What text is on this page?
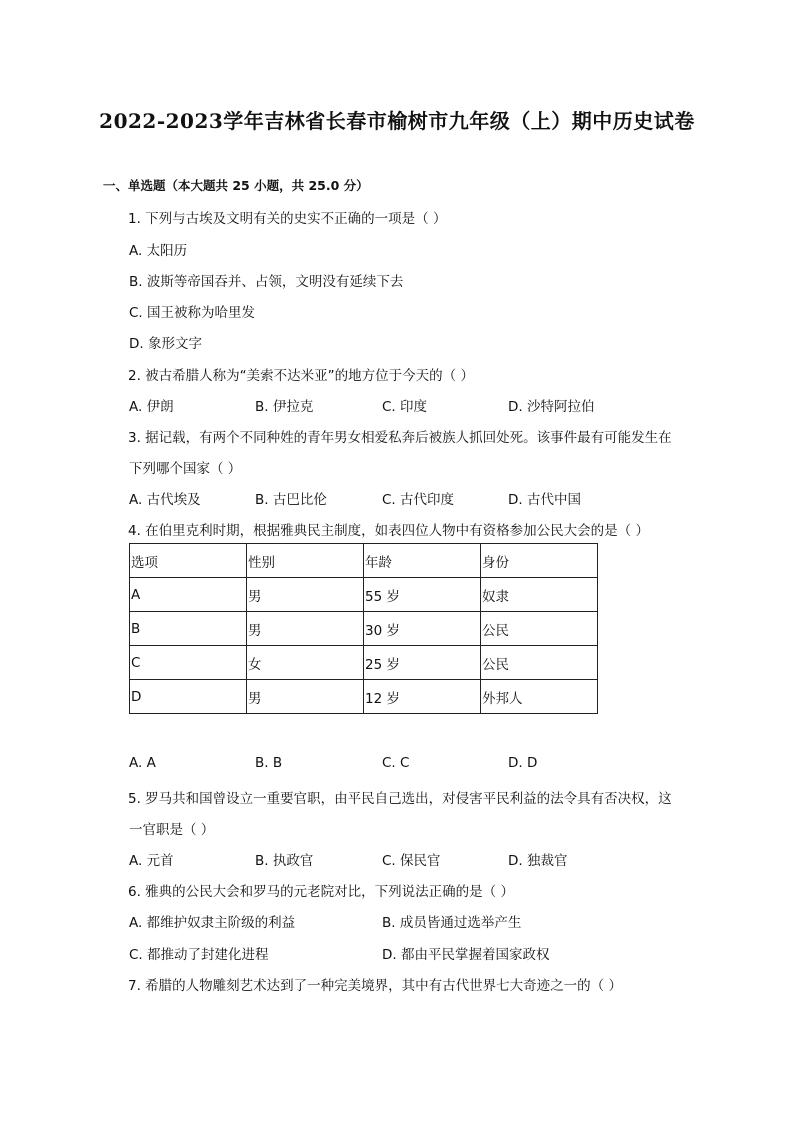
2022-2023学年吉林省长春市榆树市九年级（上）期中历史试卷
一、单选题（本大题共 25 小题，共 25.0 分）
1. 下列与古埃及文明有关的史实不正确的一项是（ ）
A. 太阳历
B. 波斯等帝国吞并、占领，文明没有延续下去
C. 国王被称为哈里发
D. 象形文字
2. 被古希腊人称为“美索不达米亚”的地方位于今天的（ ）
A. 伊朗	B. 伊拉克	C. 印度	D. 沙特阿拉伯
3. 据记载，有两个不同种姓的青年男女相爱私奔后被族人抓回处死。该事件最有可能发生在
下列哪个国家（ ）
A. 古代埃及	B. 古巴比伦	C. 古代印度	D. 古代中国
4. 在伯里克利时期，根据雅典民主制度，如表四位人物中有资格参加公民大会的是（ ）
选项	性别	年龄	身份
A	男	55 岁	奴隶
B	男	30 岁	公民
C	女	25 岁	公民
D	男	12 岁	外邦人
A. A	B. B	C. C	D. D
5. 罗马共和国曾设立一重要官职，由平民自己选出，对侵害平民利益的法令具有否决权，这
一官职是（ ）
A. 元首	B. 执政官	C. 保民官	D. 独裁官
6. 雅典的公民大会和罗马的元老院对比，下列说法正确的是（ ）
A. 都维护奴隶主阶级的利益	B. 成员皆通过选举产生
C. 都推动了封建化进程	D. 都由平民掌握着国家政权
7. 希腊的人物雕刻艺术达到了一种完美境界，其中有古代世界七大奇迹之一的（ ）
